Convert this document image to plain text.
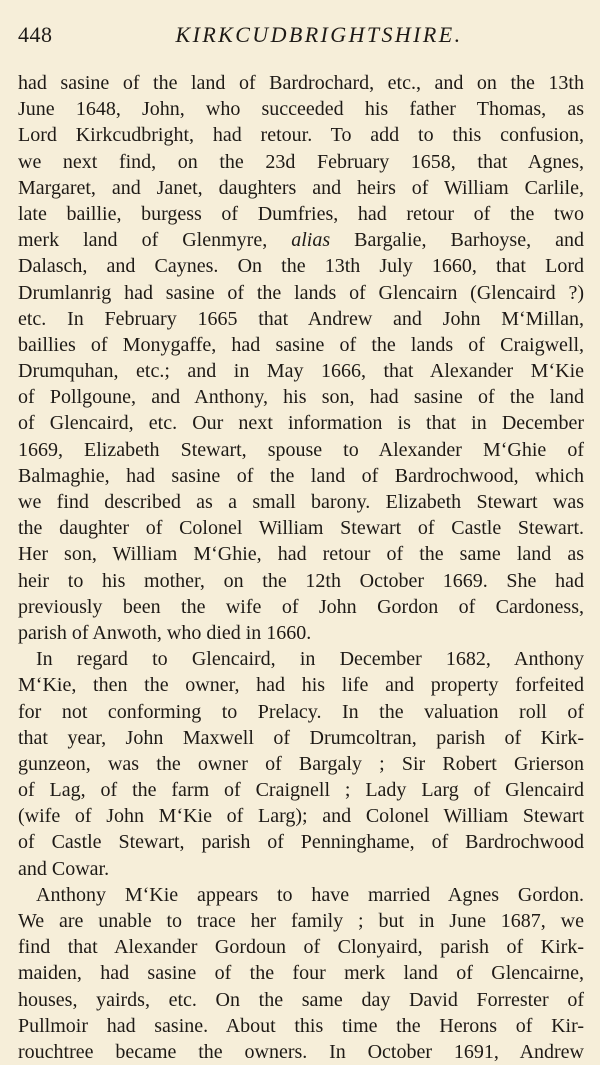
448	KIRKCUDBRIGHTSHIRE.
had sasine of the land of Bardrochard, etc., and on the 13th
June 1648, John, who succeeded his father Thomas, as
Lord Kirkcudbright, had retour. To add to this confusion,
we next find, on the 23d February 1658, that Agnes,
Margaret, and Janet, daughters and heirs of William Carlile,
late baillie, burgess of Dumfries, had retour of the two
merk land of Glenmyre, alias Bargalie, Barhoyse, and
Dalasch, and Caynes. On the 13th July 1660, that Lord
Drumlanrig had sasine of the lands of Glencairn (Glencaird ?)
etc. In February 1665 that Andrew and John M‘Millan,
baillies of Monygaffe, had sasine of the lands of Craigwell,
Drumquhan, etc.; and in May 1666, that Alexander M‘Kie
of Pollgoune, and Anthony, his son, had sasine of the land
of Glencaird, etc. Our next information is that in December
1669, Elizabeth Stewart, spouse to Alexander M‘Ghie of
Balmaghie, had sasine of the land of Bardrochwood, which
we find described as a small barony. Elizabeth Stewart was
the daughter of Colonel William Stewart of Castle Stewart.
Her son, William M‘Ghie, had retour of the same land as
heir to his mother, on the 12th October 1669. She had
previously been the wife of John Gordon of Cardoness,
parish of Anwoth, who died in 1660.
In regard to Glencaird, in December 1682, Anthony
M‘Kie, then the owner, had his life and property forfeited
for not conforming to Prelacy. In the valuation roll of
that year, John Maxwell of Drumcoltran, parish of Kirk-
gunzeon, was the owner of Bargaly ; Sir Robert Grierson
of Lag, of the farm of Craignell ; Lady Larg of Glencaird
(wife of John M‘Kie of Larg); and Colonel William Stewart
of Castle Stewart, parish of Penninghame, of Bardrochwood
and Cowar.
Anthony M‘Kie appears to have married Agnes Gordon.
We are unable to trace her family ; but in June 1687, we
find that Alexander Gordoun of Clonyaird, parish of Kirk-
maiden, had sasine of the four merk land of Glencairne,
houses, yairds, etc. On the same day David Forrester of
Pullmoir had sasine. About this time the Herons of Kir-
rouchtree became the owners. In October 1691, Andrew
